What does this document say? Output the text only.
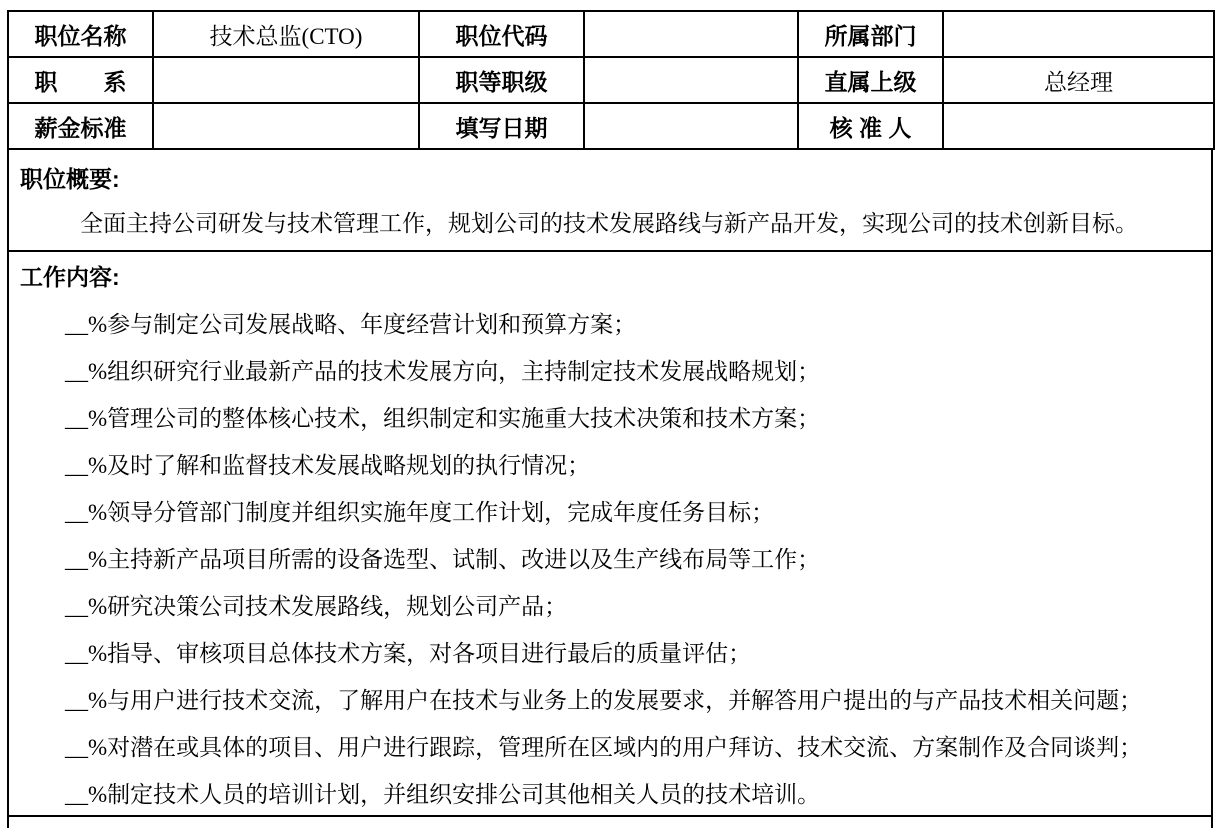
职位名称	技术总监(CTO)	职位代码		所属部门	
职　　系		职等职级		直属上级	总经理
薪金标准		填写日期		核 准 人	
职位概要:
全面主持公司研发与技术管理工作，规划公司的技术发展路线与新产品开发，实现公司的技术创新目标。
工作内容:
__%参与制定公司发展战略、年度经营计划和预算方案；
__%组织研究行业最新产品的技术发展方向，主持制定技术发展战略规划；
__%管理公司的整体核心技术，组织制定和实施重大技术决策和技术方案；
__%及时了解和监督技术发展战略规划的执行情况；
__%领导分管部门制度并组织实施年度工作计划，完成年度任务目标；
__%主持新产品项目所需的设备选型、试制、改进以及生产线布局等工作；
__%研究决策公司技术发展路线，规划公司产品；
__%指导、审核项目总体技术方案，对各项目进行最后的质量评估；
__%与用户进行技术交流，了解用户在技术与业务上的发展要求，并解答用户提出的与产品技术相关问题；
__%对潜在或具体的项目、用户进行跟踪，管理所在区域内的用户拜访、技术交流、方案制作及合同谈判；
__%制定技术人员的培训计划，并组织安排公司其他相关人员的技术培训。
